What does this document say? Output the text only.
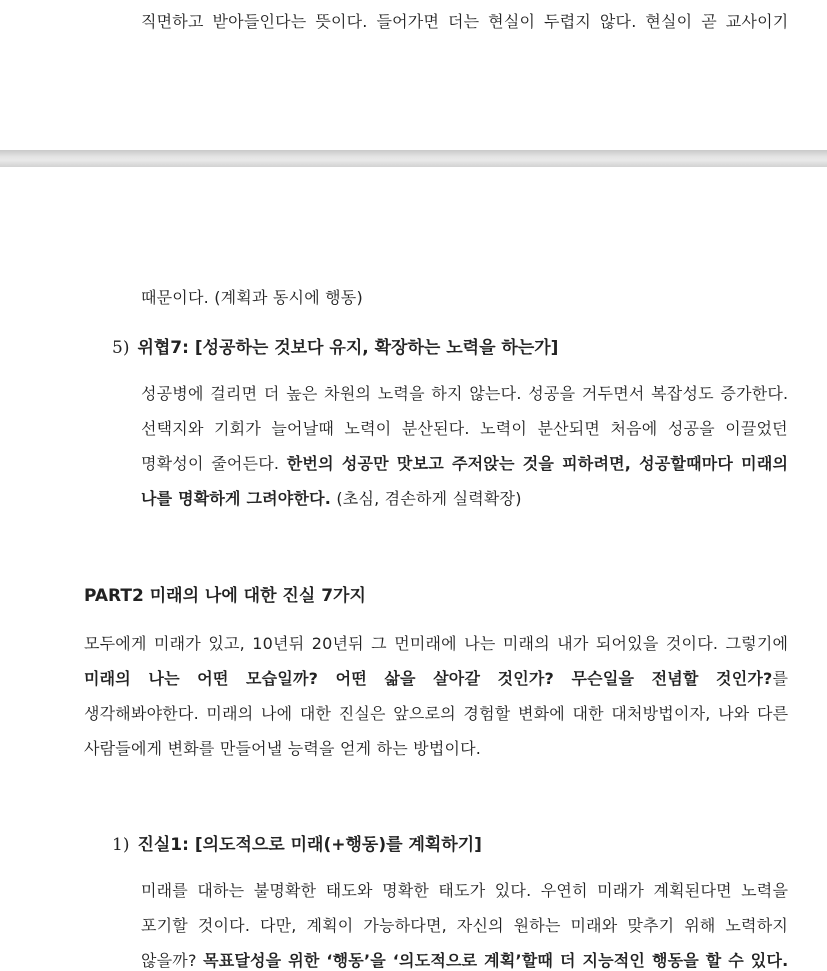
직면하고 받아들인다는 뜻이다. 들어가면 더는 현실이 두렵지 않다. 현실이 곧 교사이기
때문이다. (계획과 동시에 행동)
5) 위협7: [성공하는 것보다 유지, 확장하는 노력을 하는가]
성공병에 걸리면 더 높은 차원의 노력을 하지 않는다. 성공을 거두면서 복잡성도 증가한다.
선택지와 기회가 늘어날때 노력이 분산된다. 노력이 분산되면 처음에 성공을 이끌었던
명확성이 줄어든다. 한번의 성공만 맛보고 주저앉는 것을 피하려면, 성공할때마다 미래의
나를 명확하게 그려야한다. (초심, 겸손하게 실력확장)
PART2 미래의 나에 대한 진실 7가지
모두에게 미래가 있고, 10년뒤 20년뒤 그 먼미래에 나는 미래의 내가 되어있을 것이다. 그렇기에
미래의 나는 어떤 모습일까? 어떤 삶을 살아갈 것인가? 무슨일을 전념할 것인가?를
생각해봐야한다. 미래의 나에 대한 진실은 앞으로의 경험할 변화에 대한 대처방법이자, 나와 다른
사람들에게 변화를 만들어낼 능력을 얻게 하는 방법이다.
1) 진실1: [의도적으로 미래(+행동)를 계획하기]
미래를 대하는 불명확한 태도와 명확한 태도가 있다. 우연히 미래가 계획된다면 노력을
포기할 것이다. 다만, 계획이 가능하다면, 자신의 원하는 미래와 맞추기 위해 노력하지
않을까? 목표달성을 위한 ‘행동’을 ‘의도적으로 계획’할때 더 지능적인 행동을 할 수 있다.
